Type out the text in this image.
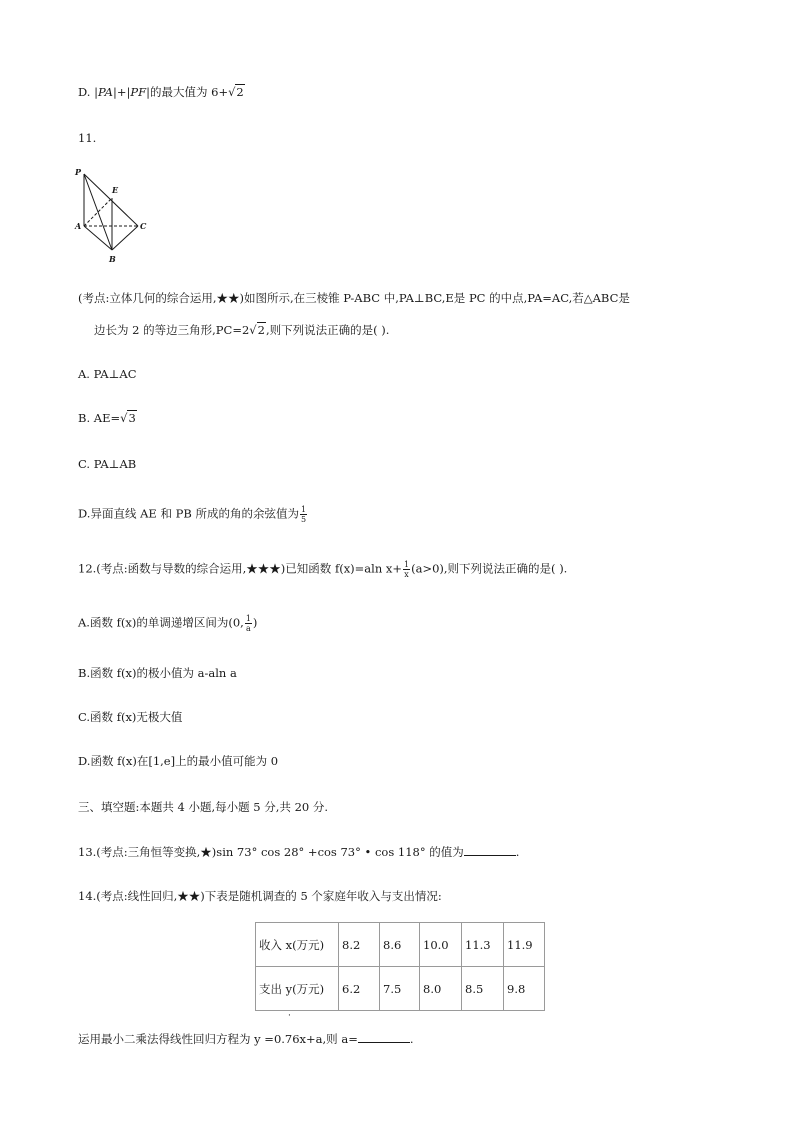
D. |PA|+|PF|的最大值为 6+√2
11.
P
E
A	C
B
(考点:立体几何的综合运用,★★)如图所示,在三棱锥 P-ABC 中,PA⊥BC,E是 PC 的中点,PA=AC,若△ABC是
边长为 2 的等边三角形,PC=2√2,则下列说法正确的是( ).
A. PA⊥AC
B. AE=√3
C. PA⊥AB
D.异面直线 AE 和 PB 所成的角的余弦值为 $\frac{1}{5}$
12.(考点:函数与导数的综合运用,★★★)已知函数 f(x)=aln $x+ \frac{1}{x} (a>0)$,则下列说法正确的是( ).
A.函数 f(x)的单调递增区间为(0, $\frac{1}{a}$ )
B.函数 f(x)的极小值为 a-aln a
C.函数 f(x)无极大值
D.函数 f(x)在[1,e]上的最小值可能为 0
三、填空题:本题共 4 小题,每小题 5 分,共 20 分.
13.(考点:三角恒等变换,★)sin 73° cos 28° +cos 73° • cos 118° 的值为	.
14.(考点:线性回归,★★)下表是随机调查的 5 个家庭年收入与支出情况:
收入 x(万元)	8.2	8.6	10.0	11.3	11.9
支出 y(万元)	6.2	7.5	8.0	8.5	9.8
·
运用最小二乘法得线性回归方程为 y =0.76x+a,则 a=	.
